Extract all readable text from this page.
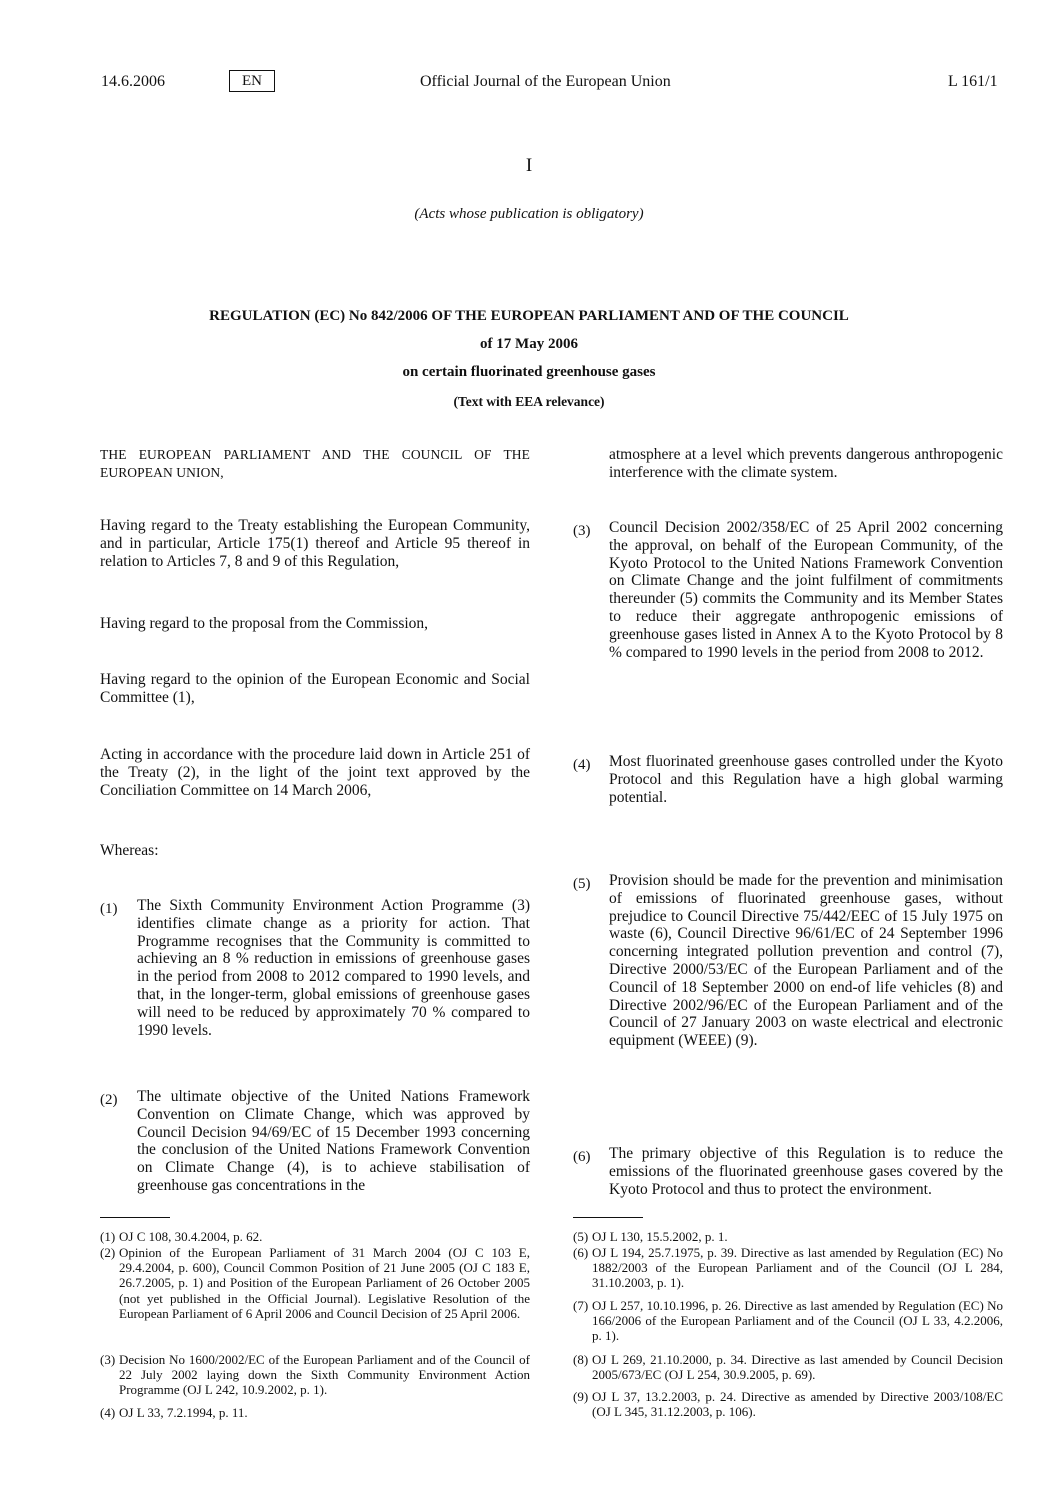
14.6.2006	EN	Official Journal of the European Union	L 161/1
I
(Acts whose publication is obligatory)
REGULATION (EC) No 842/2006 OF THE EUROPEAN PARLIAMENT AND OF THE COUNCIL
of 17 May 2006
on certain fluorinated greenhouse gases
(Text with EEA relevance)

THE EUROPEAN PARLIAMENT AND THE COUNCIL OF THE EUROPEAN UNION,

Having regard to the Treaty establishing the European Community, and in particular, Article 175(1) thereof and Article 95 thereof in relation to Articles 7, 8 and 9 of this Regulation,

Having regard to the proposal from the Commission,

Having regard to the opinion of the European Economic and Social Committee (1),

Acting in accordance with the procedure laid down in Article 251 of the Treaty (2), in the light of the joint text approved by the Conciliation Committee on 14 March 2006,

Whereas:

(1) The Sixth Community Environment Action Programme (3) identifies climate change as a priority for action. That Programme recognises that the Community is committed to achieving an 8 % reduction in emissions of greenhouse gases in the period from 2008 to 2012 compared to 1990 levels, and that, in the longer-term, global emissions of greenhouse gases will need to be reduced by approximately 70 % compared to 1990 levels.

(2) The ultimate objective of the United Nations Framework Convention on Climate Change, which was approved by Council Decision 94/69/EC of 15 December 1993 concerning the conclusion of the United Nations Framework Convention on Climate Change (4), is to achieve stabilisation of greenhouse gas concentrations in the

atmosphere at a level which prevents dangerous anthropogenic interference with the climate system.

(3) Council Decision 2002/358/EC of 25 April 2002 concerning the approval, on behalf of the European Community, of the Kyoto Protocol to the United Nations Framework Convention on Climate Change and the joint fulfilment of commitments thereunder (5) commits the Community and its Member States to reduce their aggregate anthropogenic emissions of greenhouse gases listed in Annex A to the Kyoto Protocol by 8 % compared to 1990 levels in the period from 2008 to 2012.

(4) Most fluorinated greenhouse gases controlled under the Kyoto Protocol and this Regulation have a high global warming potential.

(5) Provision should be made for the prevention and minimisation of emissions of fluorinated greenhouse gases, without prejudice to Council Directive 75/442/EEC of 15 July 1975 on waste (6), Council Directive 96/61/EC of 24 September 1996 concerning integrated pollution prevention and control (7), Directive 2000/53/EC of the European Parliament and of the Council of 18 September 2000 on end-of life vehicles (8) and Directive 2002/96/EC of the European Parliament and of the Council of 27 January 2003 on waste electrical and electronic equipment (WEEE) (9).

(6) The primary objective of this Regulation is to reduce the emissions of the fluorinated greenhouse gases covered by the Kyoto Protocol and thus to protect the environment.

(1) OJ C 108, 30.4.2004, p. 62.

(2) Opinion of the European Parliament of 31 March 2004 (OJ C 103 E, 29.4.2004, p. 600), Council Common Position of 21 June 2005 (OJ C 183 E, 26.7.2005, p. 1) and Position of the European Parliament of 26 October 2005 (not yet published in the Official Journal). Legislative Resolution of the European Parliament of 6 April 2006 and Council Decision of 25 April 2006.

(3) Decision No 1600/2002/EC of the European Parliament and of the Council of 22 July 2002 laying down the Sixth Community Environment Action Programme (OJ L 242, 10.9.2002, p. 1).

(4) OJ L 33, 7.2.1994, p. 11.

(5) OJ L 130, 15.5.2002, p. 1.

(6) OJ L 194, 25.7.1975, p. 39. Directive as last amended by Regulation (EC) No 1882/2003 of the European Parliament and of the Council (OJ L 284, 31.10.2003, p. 1).

(7) OJ L 257, 10.10.1996, p. 26. Directive as last amended by Regulation (EC) No 166/2006 of the European Parliament and of the Council (OJ L 33, 4.2.2006, p. 1).

(8) OJ L 269, 21.10.2000, p. 34. Directive as last amended by Council Decision 2005/673/EC (OJ L 254, 30.9.2005, p. 69).

(9) OJ L 37, 13.2.2003, p. 24. Directive as amended by Directive 2003/108/EC (OJ L 345, 31.12.2003, p. 106).
